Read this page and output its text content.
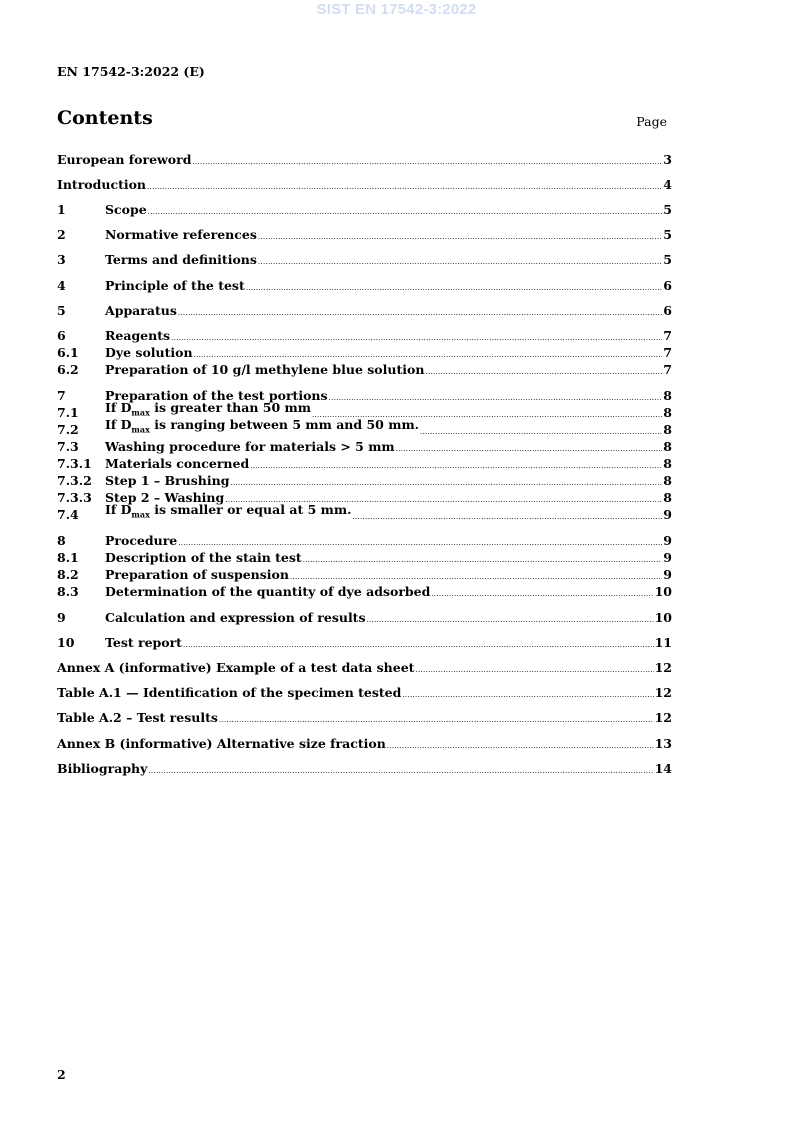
SIST EN 17542-3:2022
EN 17542-3:2022 (E)
Contents	Page
European foreword .....	3
Introduction .....	4
1	Scope .....	5
2	Normative references .....	5
3	Terms and definitions .....	5
4	Principle of the test .....	6
5	Apparatus .....	6
6	Reagents .....	7
6.1	Dye solution .....	7
6.2	Preparation of 10 g/l methylene blue solution .....	7
7	Preparation of the test portions .....	8
7.1	If $D_{max}$ is greater than 50 mm .....	8
7.2	If $D_{max}$ is ranging between 5 mm and 50 mm. .....	8
7.3	Washing procedure for materials > 5 mm .....	8
7.3.1	Materials concerned .....	8
7.3.2	Step 1 – Brushing .....	8
7.3.3	Step 2 – Washing .....	8
7.4	If $D_{max}$ is smaller or equal at 5 mm. .....	9
8	Procedure .....	9
8.1	Description of the stain test .....	9
8.2	Preparation of suspension .....	9
8.3	Determination of the quantity of dye adsorbed .....	10
9	Calculation and expression of results .....	10
10	Test report .....	11
Annex A (informative) Example of a test data sheet .....	12
Table A.1 — Identification of the specimen tested .....	12
Table A.2 – Test results .....	12
Annex B (informative) Alternative size fraction .....	13
Bibliography .....	14
2
